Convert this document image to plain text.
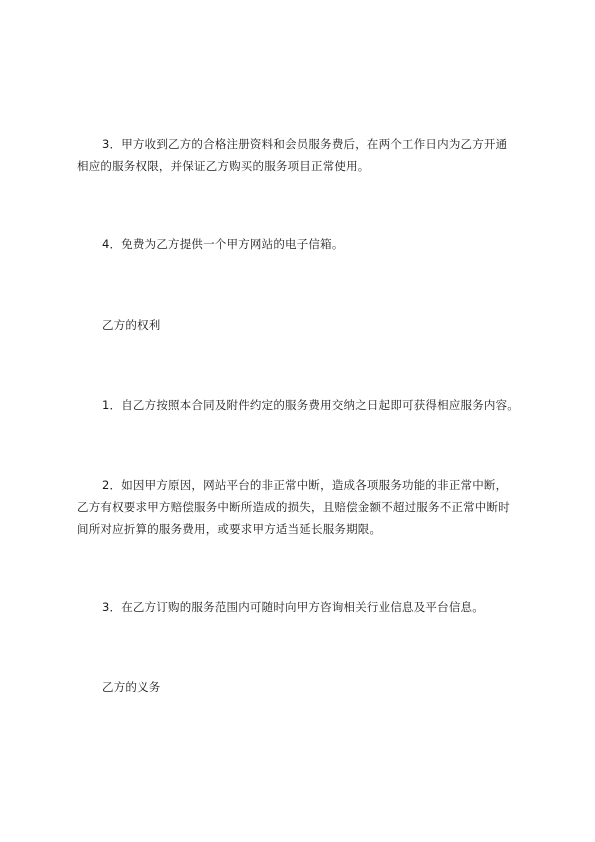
3．甲方收到乙方的合格注册资料和会员服务费后，在两个工作日内为乙方开通
相应的服务权限，并保证乙方购买的服务项目正常使用。
4．免费为乙方提供一个甲方网站的电子信箱。
乙方的权利
1．自乙方按照本合同及附件约定的服务费用交纳之日起即可获得相应服务内容。
2．如因甲方原因，网站平台的非正常中断，造成各项服务功能的非正常中断，
乙方有权要求甲方赔偿服务中断所造成的损失，且赔偿金额不超过服务不正常中断时
间所对应折算的服务费用，或要求甲方适当延长服务期限。
3．在乙方订购的服务范围内可随时向甲方咨询相关行业信息及平台信息。
乙方的义务
